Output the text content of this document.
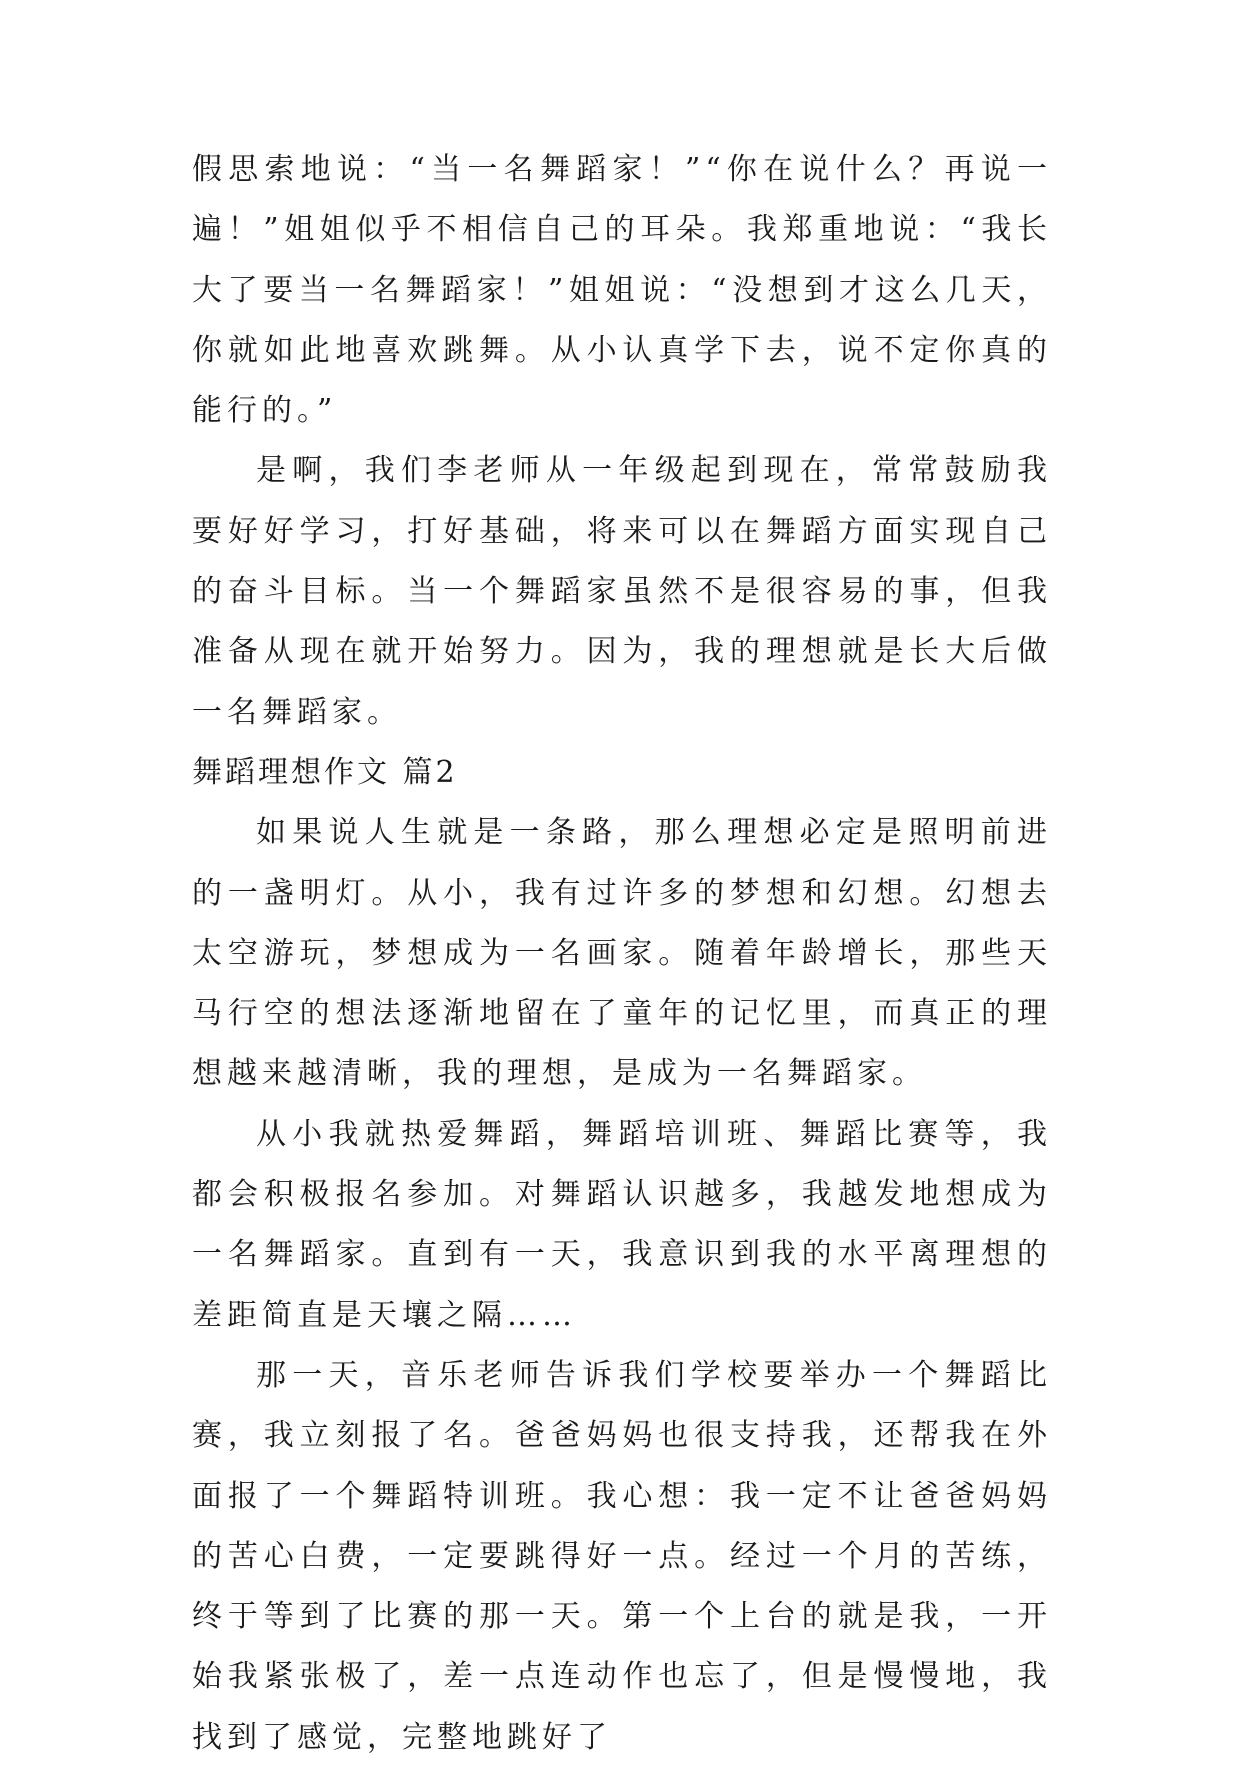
假思索地说：“当一名舞蹈家！”“你在说什么？再说一遍！”姐姐似乎不相信自己的耳朵。我郑重地说：“我长大了要当一名舞蹈家！”姐姐说：“没想到才这么几天，你就如此地喜欢跳舞。从小认真学下去，说不定你真的能行的。”

是啊，我们李老师从一年级起到现在，常常鼓励我要好好学习，打好基础，将来可以在舞蹈方面实现自己的奋斗目标。当一个舞蹈家虽然不是很容易的事，但我准备从现在就开始努力。因为，我的理想就是长大后做一名舞蹈家。

舞蹈理想作文 篇2

如果说人生就是一条路，那么理想必定是照明前进的一盏明灯。从小，我有过许多的梦想和幻想。幻想去太空游玩，梦想成为一名画家。随着年龄增长，那些天马行空的想法逐渐地留在了童年的记忆里，而真正的理想越来越清晰，我的理想，是成为一名舞蹈家。

从小我就热爱舞蹈，舞蹈培训班、舞蹈比赛等，我都会积极报名参加。对舞蹈认识越多，我越发地想成为一名舞蹈家。直到有一天，我意识到我的水平离理想的差距简直是天壤之隔……

那一天，音乐老师告诉我们学校要举办一个舞蹈比赛，我立刻报了名。爸爸妈妈也很支持我，还帮我在外面报了一个舞蹈特训班。我心想：我一定不让爸爸妈妈的苦心白费，一定要跳得好一点。经过一个月的苦练，终于等到了比赛的那一天。第一个上台的就是我，一开始我紧张极了，差一点连动作也忘了，但是慢慢地，我找到了感觉，完整地跳好了
